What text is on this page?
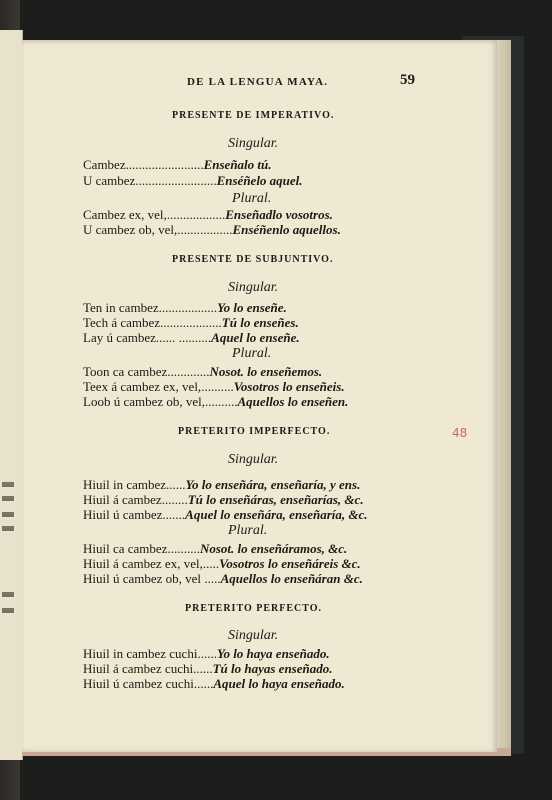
DE LA LENGUA MAYA.	59
48
PRESENTE DE IMPERATIVO.
Singular.
Cambez........................Enseñalo tú.
U cambez.........................Enséñelo aquel.
Plural.
Cambez ex, vel,..................Enseñadlo vosotros.
U cambez ob, vel,.................Enséñenlo aquellos.
PRESENTE DE SUBJUNTIVO.
Singular.
Ten in cambez..................Yo lo enseñe.
Tech á cambez...................Tú lo enseñes.
Lay ú cambez...... ..........Aquel lo enseñe.
Plural.
Toon ca cambez.............Nosot. lo enseñemos.
Teex á cambez ex, vel,..........Vosotros lo enseñeis.
Loob ú cambez ob, vel,..........Aquellos lo enseñen.
PRETERITO IMPERFECTO.
Singular.
Hiuil in cambez......Yo lo enseñára, enseñaría, y ens.
Hiuil á cambez........Tú lo enseñáras, enseñarías, &c.
Hiuil ú cambez.......Aquel lo enseñára, enseñaría, &c.
Plural.
Hiuil ca cambez..........Nosot. lo enseñáramos, &c.
Hiuil á cambez ex, vel,.....Vosotros lo enseñáreis &c.
Hiuil ú cambez ob, vel .....Aquellos lo enseñáran &c.
PRETERITO PERFECTO.
Singular.
Hiuil in cambez cuchi......Yo lo haya enseñado.
Hiuil á cambez cuchi......Tú lo hayas enseñado.
Hiuil ú cambez cuchi......Aquel lo haya enseñado.
